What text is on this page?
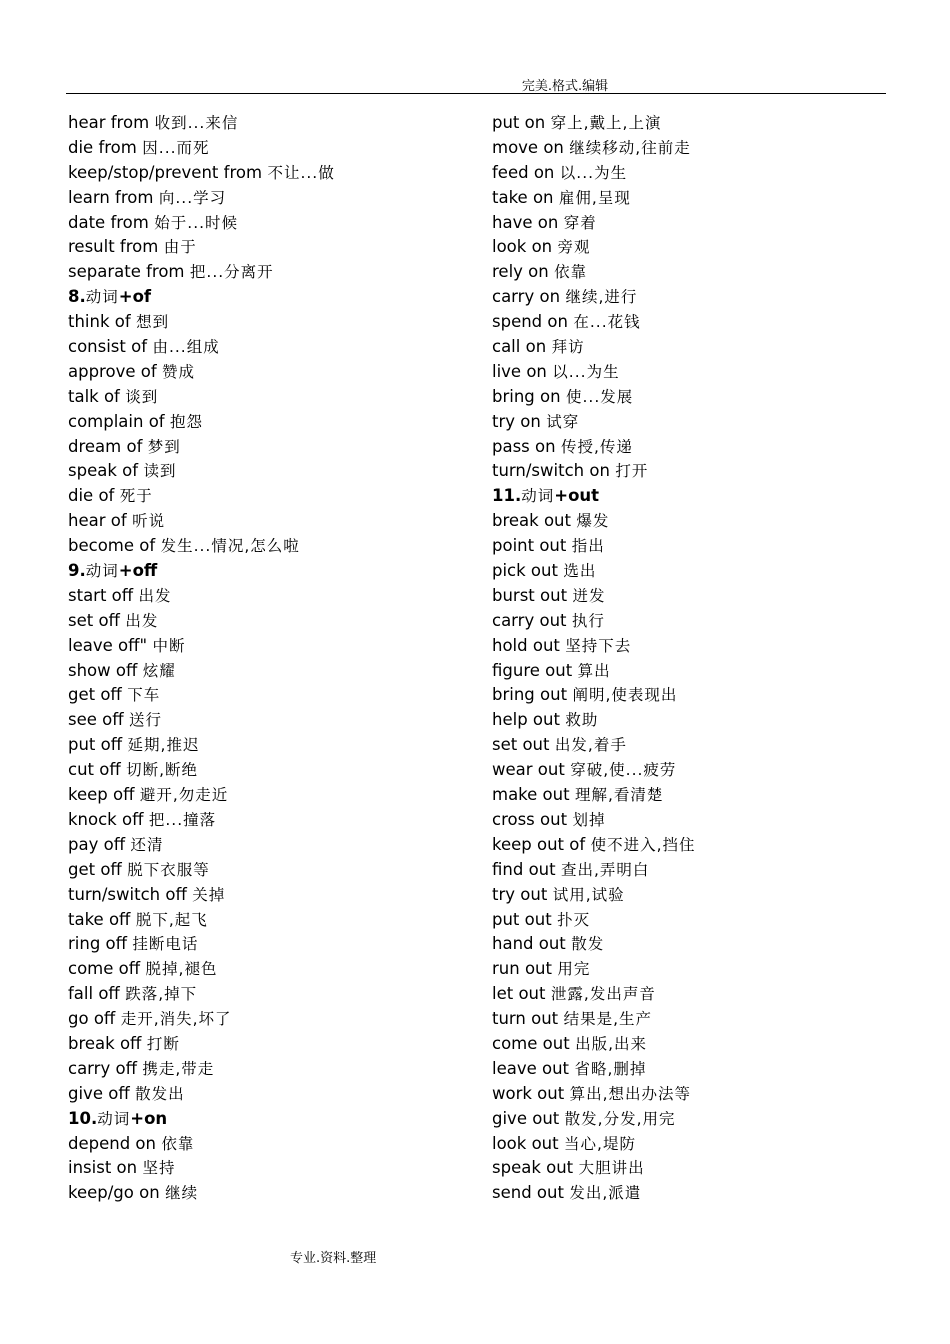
完美.格式.编辑
hear from 收到...来信
die from 因...而死
keep/stop/prevent from 不让...做
learn from 向...学习
date from 始于...时候
result from 由于
separate from 把...分离开
8.动词+of
think of 想到
consist of 由...组成
approve of 赞成
talk of 谈到
complain of 抱怨
dream of 梦到
speak of 读到
die of 死于
hear of 听说
become of 发生...情况,怎么啦
9.动词+off
start off 出发
set off 出发
leave off" 中断
show off 炫耀
get off 下车
see off 送行
put off 延期,推迟
cut off 切断,断绝
keep off 避开,勿走近
knock off 把...撞落
pay off 还清
get off 脱下衣服等
turn/switch off 关掉
take off 脱下,起飞
ring off 挂断电话
come off 脱掉,褪色
fall off 跌落,掉下
go off 走开,消失,坏了
break off 打断
carry off 携走,带走
give off 散发出
10.动词+on
depend on 依靠
insist on 坚持
keep/go on 继续
put on 穿上,戴上,上演
move on 继续移动,往前走
feed on 以...为生
take on 雇佣,呈现
have on 穿着
look on 旁观
rely on 依靠
carry on 继续,进行
spend on 在...花钱
call on 拜访
live on 以...为生
bring on 使...发展
try on 试穿
pass on 传授,传递
turn/switch on 打开
11.动词+out
break out 爆发
point out 指出
pick out 选出
burst out 迸发
carry out 执行
hold out 坚持下去
figure out 算出
bring out 阐明,使表现出
help out 救助
set out 出发,着手
wear out 穿破,使...疲劳
make out 理解,看清楚
cross out 划掉
keep out of 使不进入,挡住
find out 查出,弄明白
try out 试用,试验
put out 扑灭
hand out 散发
run out 用完
let out 泄露,发出声音
turn out 结果是,生产
come out 出版,出来
leave out 省略,删掉
work out 算出,想出办法等
give out 散发,分发,用完
look out 当心,堤防
speak out 大胆讲出
send out 发出,派遣
专业.资料.整理
